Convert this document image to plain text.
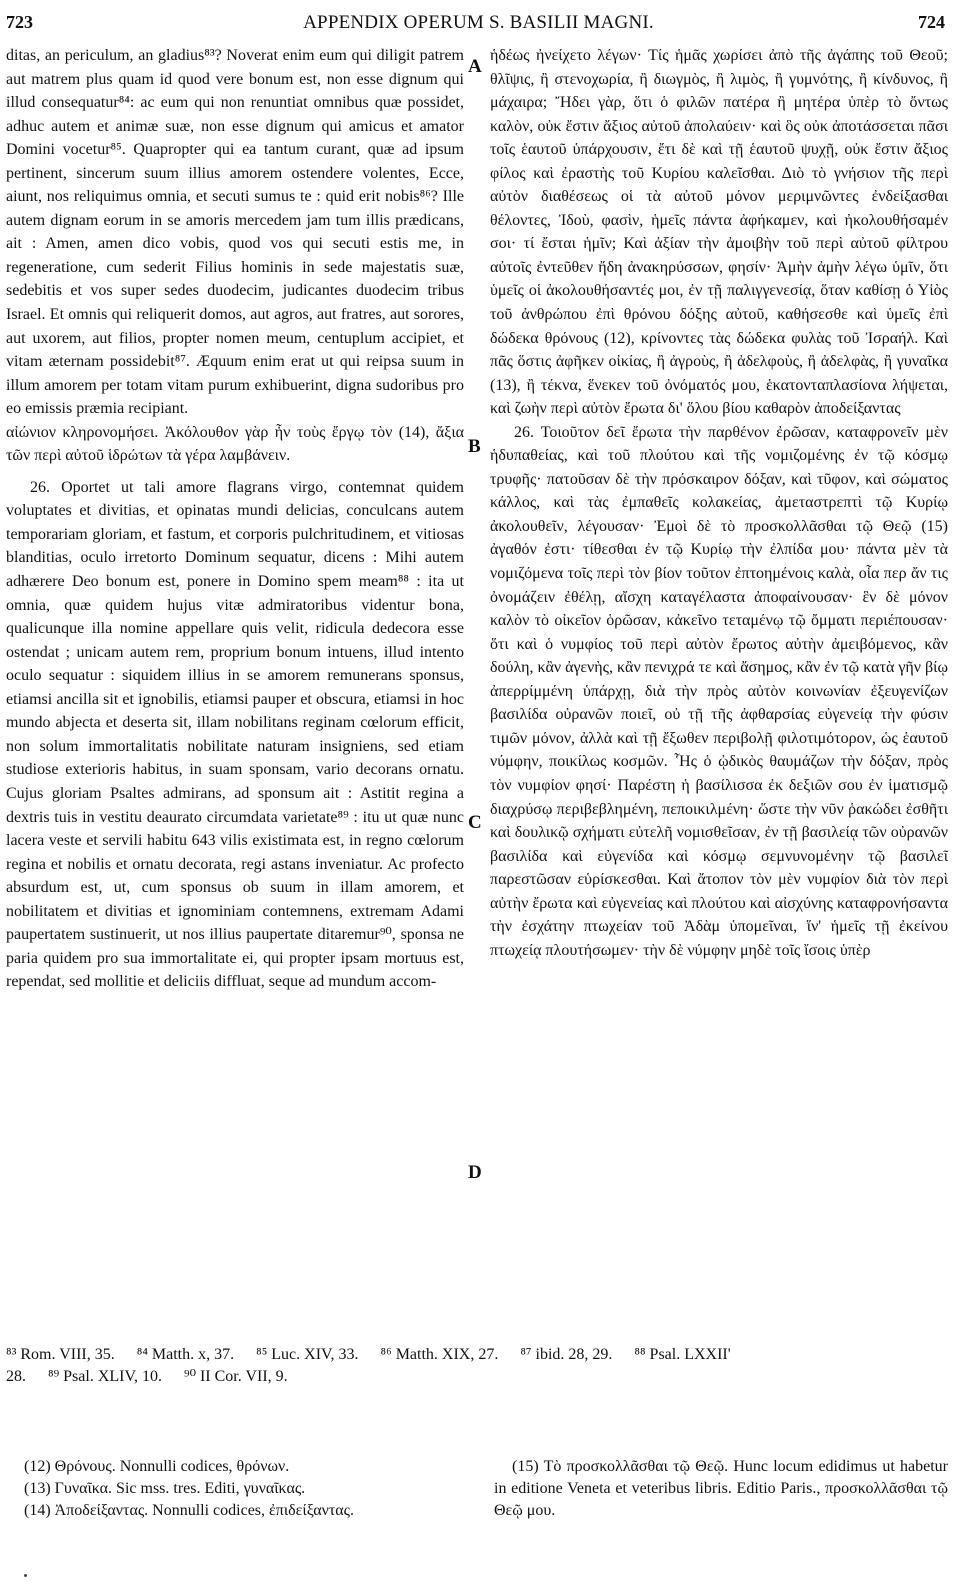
723	APPENDIX OPERUM S. BASILII MAGNI.	724

ditas, an periculum, an gladius⁸³? Noverat enim eum qui diligit patrem aut matrem plus quam id quod vere bonum est, non esse dignum qui illud consequatur⁸⁴: ac eum qui non renuntiat omnibus quæ possidet, adhuc autem et animæ suæ, non esse dignum qui amicus et amator Domini vocetur⁸⁵. Quapropter qui ea tantum curant, quæ ad ipsum pertinent, sincerum suum illius amorem ostendere volentes, Ecce, aiunt, nos reliquimus omnia, et secuti sumus te : quid erit nobis⁸⁶? Ille autem dignam eorum in se amoris mercedem jam tum illis prædicans, ait : Amen, amen dico vobis, quod vos qui secuti estis me, in regeneratione, cum sederit Filius hominis in sede majestatis suæ, sedebitis et vos super sedes duodecim, judicantes duodecim tribus Israel. Et omnis qui reliquerit domos, aut agros, aut fratres, aut sorores, aut uxorem, aut filios, propter nomen meum, centuplum accipiet, et vitam æternam possidebit⁸⁷. Æquum enim erat ut qui reipsa suum in illum amorem per totam vitam purum exhibuerint, digna sudoribus pro eo emissis præmia recipiant.

αἰώνιον κληρονομήσει. Ἀκόλουθον γὰρ ἦν τοὺς ἔργῳ τὸν (14), ἄξια τῶν περὶ αὐτοῦ ἱδρώτων τὰ γέρα λαμβάνειν.

26. Oportet ut tali amore flagrans virgo, contemnat quidem voluptates et divitias, et opinatas mundi delicias, conculcans autem temporariam gloriam, et fastum, et corporis pulchritudinem, et vitiosas blanditias, oculo irretorto Dominum sequatur, dicens : Mihi autem adhærere Deo bonum est, ponere in Domino spem meam⁸⁸ : ita ut omnia, quæ quidem hujus vitæ admiratoribus videntur bona, qualicunque illa nomine appellare quis velit, ridicula dedecora esse ostendat ; unicam autem rem, proprium bonum intuens, illud intento oculo sequatur : siquidem illius in se amorem remunerans sponsus, etiamsi ancilla sit et ignobilis, etiamsi pauper et obscura, etiamsi in hoc mundo abjecta et deserta sit, illam nobilitans reginam cœlorum efficit, non solum immortalitatis nobilitate naturam insigniens, sed etiam studiose exterioris habitus, in suam sponsam, vario decorans ornatu. Cujus gloriam Psaltes admirans, ad sponsum ait : Astitit regina a dextris tuis in vestitu deaurato circumdata varietate⁸⁹ : itu ut quæ nunc lacera veste et servili habitu 643 vilis existimata est, in regno cœlorum regina et nobilis et ornatu decorata, regi astans inveniatur. Ac profecto absurdum est, ut, cum sponsus ob suum in illam amorem, et nobilitatem et divitias et ignominiam contemnens, extremam Adami paupertatem sustinuerit, ut nos illius paupertate ditaremur⁹⁰, sponsa ne paria quidem pro sua immortalitate ei, qui propter ipsam mortuus est, rependat, sed mollitie et deliciis diffluat, seque ad mundum accom-

ἡδέως ἠνείχετο λέγων· Τίς ἡμᾶς χωρίσει ἀπὸ τῆς ἀγάπης τοῦ Θεοῦ; θλῖψις, ἢ στενοχωρία, ἢ διωγμὸς, ἢ λιμὸς, ἢ γυμνότης, ἢ κίνδυνος, ἢ μάχαιρα; Ἤδει γὰρ, ὅτι ὁ φιλῶν πατέρα ἢ μητέρα ὑπὲρ τὸ ὄντως καλὸν, οὐκ ἔστιν ἄξιος αὐτοῦ ἀπολαύειν· καὶ ὃς οὐκ ἀποτάσσεται πᾶσι τοῖς ἑαυτοῦ ὑπάρχουσιν, ἔτι δὲ καὶ τῇ ἑαυτοῦ ψυχῇ, οὐκ ἔστιν ἄξιος φίλος καὶ ἐραστὴς τοῦ Κυρίου καλεῖσθαι. Διὸ τὸ γνήσιον τῆς περὶ αὐτὸν διαθέσεως οἱ τὰ αὐτοῦ μόνον μεριμνῶντες ἐνδείξασθαι θέλοντες, Ἰδοὺ, φασὶν, ἡμεῖς πάντα ἀφήκαμεν, καὶ ἠκολουθήσαμέν σοι· τί ἔσται ἡμῖν; Καὶ ἀξίαν τὴν ἀμοιβὴν τοῦ περὶ αὐτοῦ φίλτρου αὐτοῖς ἐντεῦθεν ἤδη ἀνακηρύσσων, φησίν· Ἀμὴν ἀμὴν λέγω ὑμῖν, ὅτι ὑμεῖς οἱ ἀκολουθήσαντές μοι, ἐν τῇ παλιγγενεσίᾳ, ὅταν καθίσῃ ὁ Υἱὸς τοῦ ἀνθρώπου ἐπὶ θρόνου δόξης αὐτοῦ, καθήσεσθε καὶ ὑμεῖς ἐπὶ δώδεκα θρόνους (12), κρίνοντες τὰς δώδεκα φυλὰς τοῦ Ἰσραήλ. Καὶ πᾶς ὅστις ἀφῆκεν οἰκίας, ἢ ἀγροὺς, ἢ ἀδελφοὺς, ἢ ἀδελφὰς, ἢ γυναῖκα (13), ἢ τέκνα, ἕνεκεν τοῦ ὀνόματός μου, ἑκατονταπλασίονα λήψεται, καὶ ζωὴν περὶ αὐτὸν ἔρωτα δι' ὅλου βίου καθαρὸν ἀποδείξαντας

26. Τοιοῦτον δεῖ ἔρωτα τὴν παρθένον ἐρῶσαν, καταφρονεῖν μὲν ἡδυπαθείας, καὶ τοῦ πλούτου καὶ τῆς νομιζομένης ἐν τῷ κόσμῳ τρυφῆς· πατοῦσαν δὲ τὴν πρόσκαιρον δόξαν, καὶ τῦφον, καὶ σώματος κάλλος, καὶ τὰς ἐμπαθεῖς κολακείας, ἀμεταστρεπτὶ τῷ Κυρίῳ ἀκολουθεῖν, λέγουσαν· Ἐμοὶ δὲ τὸ προσκολλᾶσθαι τῷ Θεῷ (15) ἀγαθόν ἐστι· τίθεσθαι ἐν τῷ Κυρίῳ τὴν ἐλπίδα μου· πάντα μὲν τὰ νομιζόμενα τοῖς περὶ τὸν βίον τοῦτον ἐπτοημένοις καλὰ, οἷα περ ἄν τις ὀνομάζειν ἐθέλῃ, αἴσχη καταγέλαστα ἀποφαίνουσαν· ἓν δὲ μόνον καλὸν τὸ οἰκεῖον ὁρῶσαν, κἀκεῖνο τεταμένῳ τῷ ὄμματι περιέπουσαν· ὅτι καὶ ὁ νυμφίος τοῦ περὶ αὐτὸν ἔρωτος αὐτὴν ἀμειβόμενος, κἂν δούλη, κἂν ἀγενὴς, κἂν πενιχρά τε καὶ ἄσημος, κἂν ἐν τῷ κατὰ γῆν βίῳ ἀπερρίμμένη ὑπάρχῃ, διὰ τὴν πρὸς αὐτὸν κοινωνίαν ἐξευγενίζων βασιλίδα οὐρανῶν ποιεῖ, οὐ τῇ τῆς ἀφθαρσίας εὐγενείᾳ τὴν φύσιν τιμῶν μόνον, ἀλλὰ καὶ τῇ ἔξωθεν περιβολῇ φιλοτιμότορον, ὡς ἑαυτοῦ νύμφην, ποικίλως κοσμῶν. Ἧς ὁ ᾠδικὸς θαυμάζων τὴν δόξαν, πρὸς τὸν νυμφίον φησί· Παρέστη ἡ βασίλισσα ἐκ δεξιῶν σου ἐν ἱματισμῷ διαχρύσῳ περιβεβλημένη, πεποικιλμένη· ὥστε τὴν νῦν ῥακώδει ἐσθῆτι καὶ δουλικῷ σχήματι εὐτελῆ νομισθεῖσαν, ἐν τῇ βασιλείᾳ τῶν οὐρανῶν βασιλίδα καὶ εὐγενίδα καὶ κόσμῳ σεμνυνομένην τῷ βασιλεῖ παρεστῶσαν εὑρίσκεσθαι. Καὶ ἄτοπον τὸν μὲν νυμφίον διὰ τὸν περὶ αὐτὴν ἔρωτα καὶ εὐγενείας καὶ πλούτου καὶ αἰσχύνης καταφρονήσαντα τὴν ἐσχάτην πτωχείαν τοῦ Ἀδὰμ ὑπομεῖναι, ἵν' ἡμεῖς τῇ ἐκείνου πτωχείᾳ πλουτήσωμεν· τὴν δὲ νύμφην μηδὲ τοῖς ἴσοις ὑπὲρ

A
B
C
D
⁸³ Rom. VIII, 35. ⁸⁴ Matth. x, 37. ⁸⁵ Luc. XIV, 33. ⁸⁶ Matth. XIX, 27. ⁸⁷ ibid. 28, 29. ⁸⁸ Psal. LXXII'
28. ⁸⁹ Psal. XLIV, 10. ⁹⁰ II Cor. VII, 9.

(12) Θρόνους. Nonnulli codices, θρόνων.

(13) Γυναῖκα. Sic mss. tres. Editi, γυναῖκας.

(14) Ἀποδείξαντας. Nonnulli codices, ἐπιδείξαντας.

(15) Τὸ προσκολλᾶσθαι τῷ Θεῷ. Hunc locum edidimus ut habetur in editione Veneta et veteribus libris. Editio Paris., προσκολλᾶσθαι τῷ Θεῷ μου.
